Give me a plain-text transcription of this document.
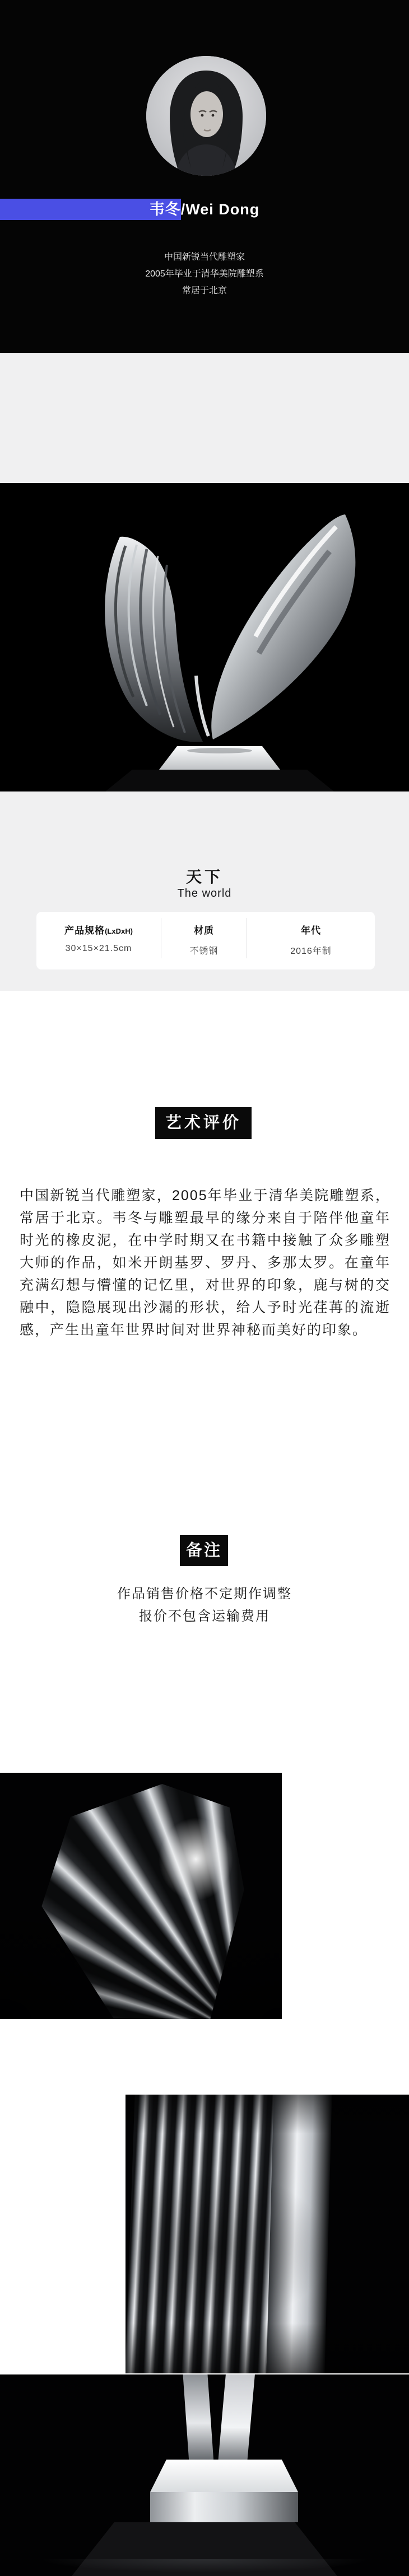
韦冬/Wei Dong
中国新锐当代雕塑家
2005年毕业于清华美院雕塑系
常居于北京
天下
The world
产品规格(LxDxH)
30×15×21.5cm
材质
不锈钢
年代
2016年制
艺术评价
中国新锐当代雕塑家，2005年毕业于清华美院雕塑系，常居于北京。韦冬与雕塑最早的缘分来自于陪伴他童年时光的橡皮泥，在中学时期又在书籍中接触了众多雕塑大师的作品，如米开朗基罗、罗丹、多那太罗。在童年充满幻想与懵懂的记忆里，对世界的印象，鹿与树的交融中，隐隐展现出沙漏的形状，给人予时光荏苒的流逝感，产生出童年世界时间对世界神秘而美好的印象。
备注
作品销售价格不定期作调整
报价不包含运输费用
